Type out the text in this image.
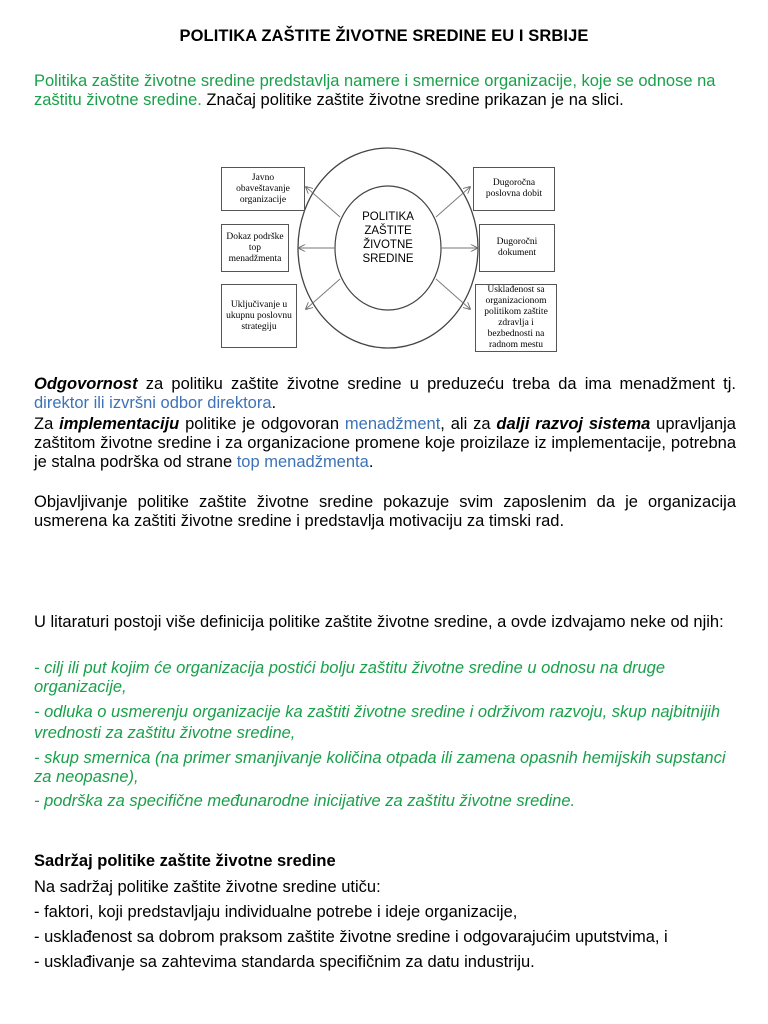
POLITIKA ZAŠTITE ŽIVOTNE SREDINE EU I SRBIJE
Politika zaštite životne sredine predstavlja namere i smernice organizacije, koje se odnose na zaštitu životne sredine. Značaj politike zaštite životne sredine prikazan je na slici.
Javno obaveštavanje organizacije
Dokaz podrške top menadžmenta
Uključivanje u ukupnu poslovnu strategiju
Dugoročna poslovna dobit
Dugoročni dokument
Usklađenost sa organizacionom politikom zaštite zdravlja i bezbednosti na radnom mestu
POLITIKA
ZAŠTITE
ŽIVOTNE
SREDINE
Odgovornost za politiku zaštite životne sredine u preduzeću treba da ima menadžment tj. direktor ili izvršni odbor direktora.
Za implementaciju politike je odgovoran menadžment, ali za dalji razvoj sistema upravljanja zaštitom životne sredine i za organizacione promene koje proizilaze iz implementacije, potrebna je stalna podrška od strane top menadžmenta.
Objavljivanje politike zaštite životne sredine pokazuje svim zaposlenim da je organizacija usmerena ka zaštiti životne sredine i predstavlja motivaciju za timski rad.
U litaraturi postoji više definicija politike zaštite životne sredine, a ovde izdvajamo neke od njih:
- cilj ili put kojim će organizacija postići bolju zaštitu životne sredine u odnosu na druge organizacije,
- odluka o usmerenju organizacije ka zaštiti životne sredine i održivom razvoju, skup najbitnijih vrednosti za zaštitu životne sredine,
- skup smernica (na primer smanjivanje količina otpada ili zamena opasnih hemijskih supstanci za neopasne),
- podrška za specifične međunarodne inicijative za zaštitu životne sredine.
Sadržaj politike zaštite životne sredine
Na sadržaj politike zaštite životne sredine utiču:
- faktori, koji predstavljaju individualne potrebe i ideje organizacije,
- usklađenost sa dobrom praksom zaštite životne sredine i odgovarajućim uputstvima, i
- usklađivanje sa zahtevima standarda specifičnim za datu industriju.
